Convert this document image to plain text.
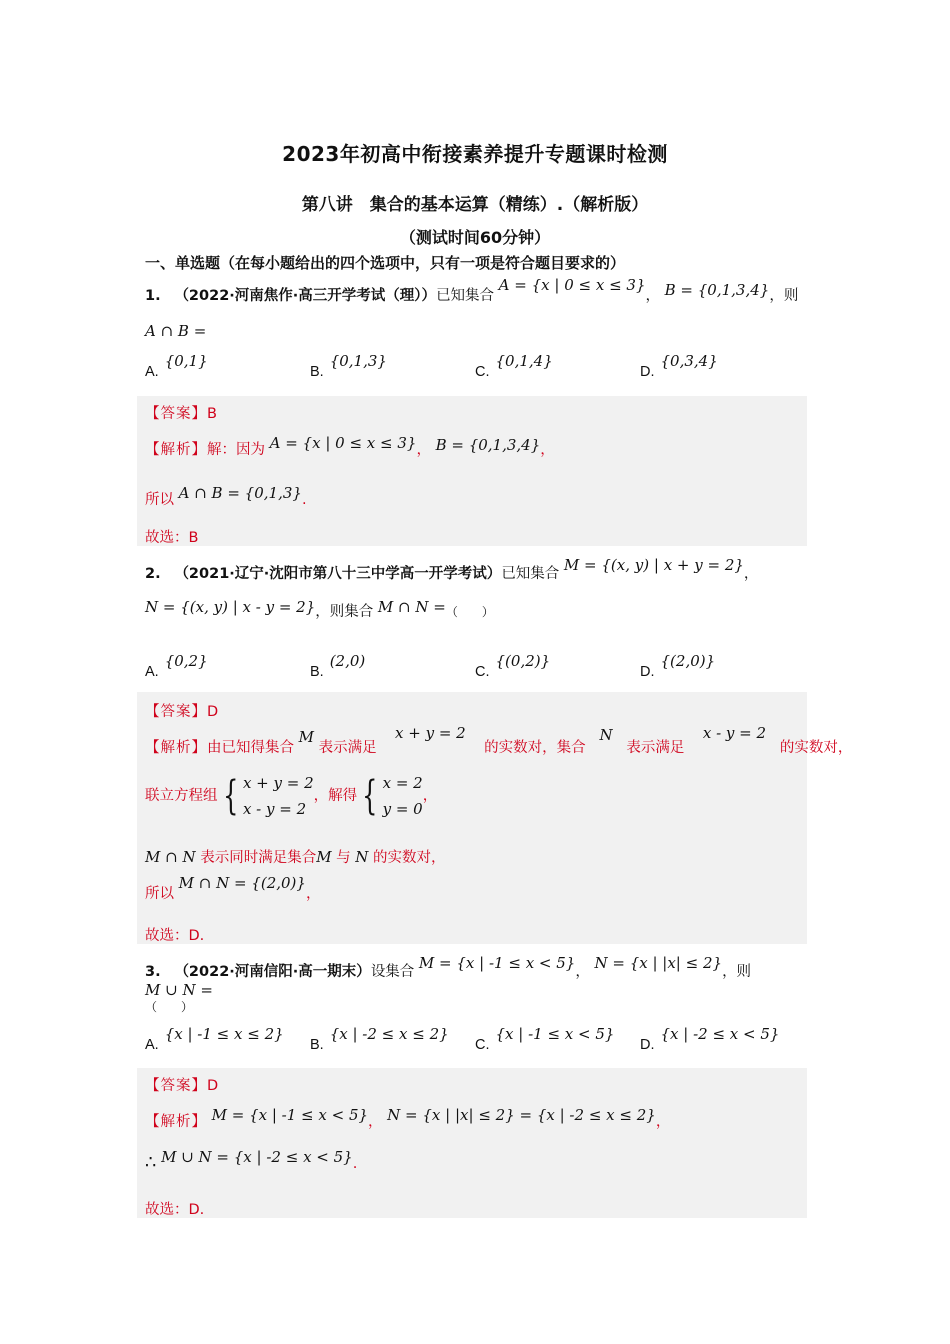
2023年初高中衔接素养提升专题课时检测
第八讲　集合的基本运算（精练）.（解析版）
（测试时间60分钟）
一、单选题（在每小题给出的四个选项中，只有一项是符合题目要求的）
1. （2022·河南焦作·高三开学考试（理））已知集合 A = {x | 0 ≤ x ≤ 3}， B = {0,1,3,4}，则
A ∩ B =
A.{0,1}
B.{0,1,3}
C.{0,1,4}
D.{0,3,4}
【答案】B
【解析】解：因为 A = {x | 0 ≤ x ≤ 3}， B = {0,1,3,4}，
所以 A ∩ B = {0,1,3}.
故选：B
2. （2021·辽宁·沈阳市第八十三中学高一开学考试）已知集合 M = {(x, y) | x + y = 2}，
N = {(x, y) | x - y = 2}，则集合 M ∩ N =（　　）
A.{0,2}
B.(2,0)
C.{(0,2)}
D.{(2,0)}
【答案】D
【解析】由已知得集合 M 表示满足    x + y = 2    的实数对，集合   N   表示满足    x - y = 2   的实数对，
联立方程组 { x + y = 2
x - y = 2，解得 { x = 2
y = 0，
M ∩ N 表示同时满足集合M 与 N 的实数对，
所以 M ∩ N = {(2,0)}，
故选：D.
3. （2022·河南信阳·高一期末）设集合 M = {x | -1 ≤ x < 5}， N = {x | |x| ≤ 2}，则M ∪ N =
（　　）
A.{x | -1 ≤ x ≤ 2}
B.{x | -2 ≤ x ≤ 2}
C.{x | -1 ≤ x < 5}
D.{x | -2 ≤ x < 5}
【答案】D
【解析】 M = {x | -1 ≤ x < 5}， N = {x | |x| ≤ 2} = {x | -2 ≤ x ≤ 2}，
∴ M ∪ N = {x | -2 ≤ x < 5}.
故选：D.
